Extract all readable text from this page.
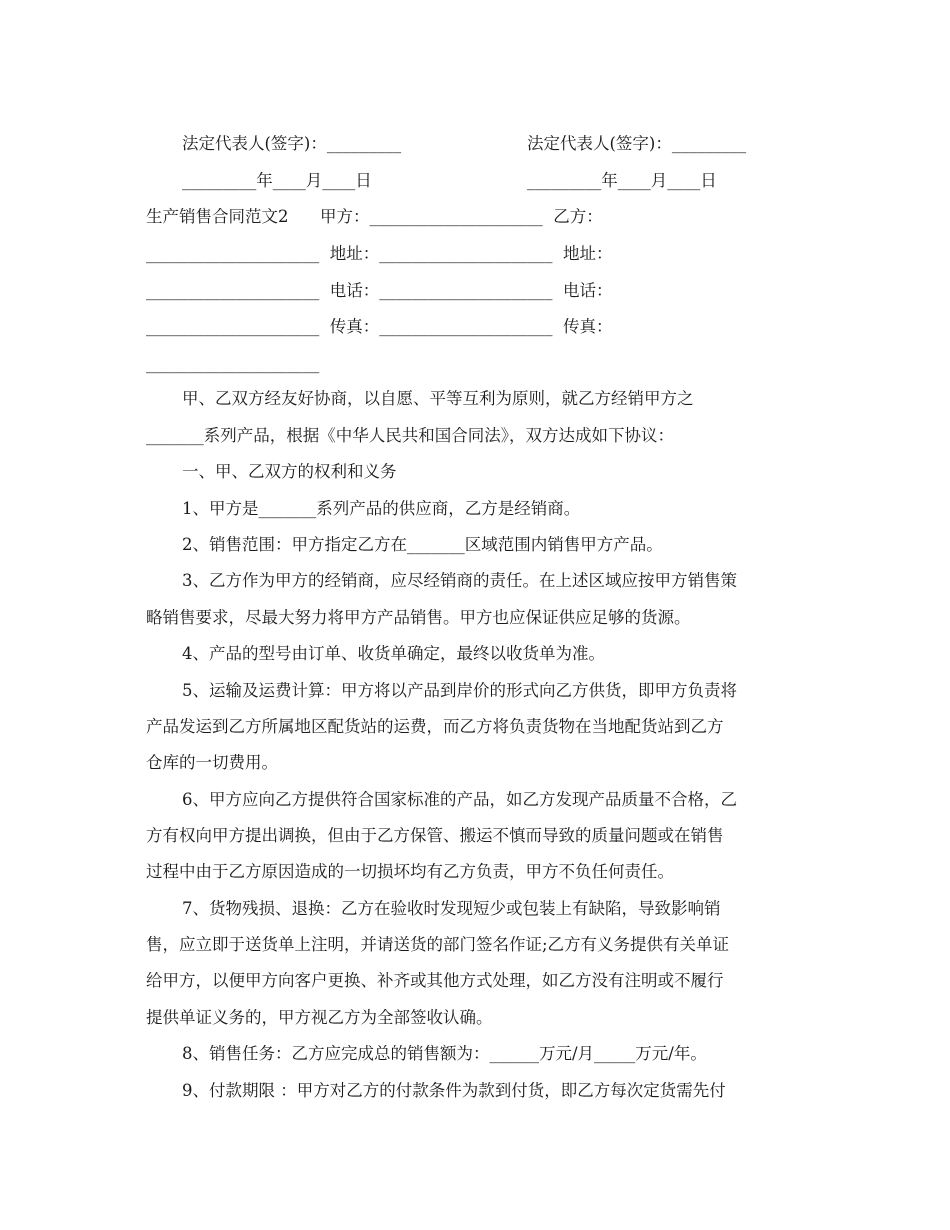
法定代表人(签字)：_________	法定代表人(签字)：_________
_________年____月____日	_________年____月____日
生产销售合同范文2      甲方：_____________________  乙方：
_____________________  地址：_____________________  地址：
_____________________  电话：_____________________  电话：
_____________________  传真：_____________________  传真：
_____________________
甲、乙双方经友好协商，以自愿、平等互利为原则，就乙方经销甲方之
_______系列产品，根据《中华人民共和国合同法》，双方达成如下协议：
一、甲、乙双方的权利和义务
1、甲方是_______系列产品的供应商，乙方是经销商。
2、销售范围：甲方指定乙方在_______区域范围内销售甲方产品。
3、乙方作为甲方的经销商，应尽经销商的责任。在上述区域应按甲方销售策
略销售要求，尽最大努力将甲方产品销售。甲方也应保证供应足够的货源。
4、产品的型号由订单、收货单确定，最终以收货单为准。
5、运输及运费计算：甲方将以产品到岸价的形式向乙方供货，即甲方负责将
产品发运到乙方所属地区配货站的运费，而乙方将负责货物在当地配货站到乙方
仓库的一切费用。
6、甲方应向乙方提供符合国家标准的产品，如乙方发现产品质量不合格，乙
方有权向甲方提出调换，但由于乙方保管、搬运不慎而导致的质量问题或在销售
过程中由于乙方原因造成的一切损坏均有乙方负责，甲方不负任何责任。
7、货物残损、退换：乙方在验收时发现短少或包装上有缺陷，导致影响销
售，应立即于送货单上注明，并请送货的部门签名作证;乙方有义务提供有关单证
给甲方，以便甲方向客户更换、补齐或其他方式处理，如乙方没有注明或不履行
提供单证义务的，甲方视乙方为全部签收认确。
8、销售任务：乙方应完成总的销售额为：______万元/月_____万元/年。
9、付款期限 ：甲方对乙方的付款条件为款到付货，即乙方每次定货需先付
